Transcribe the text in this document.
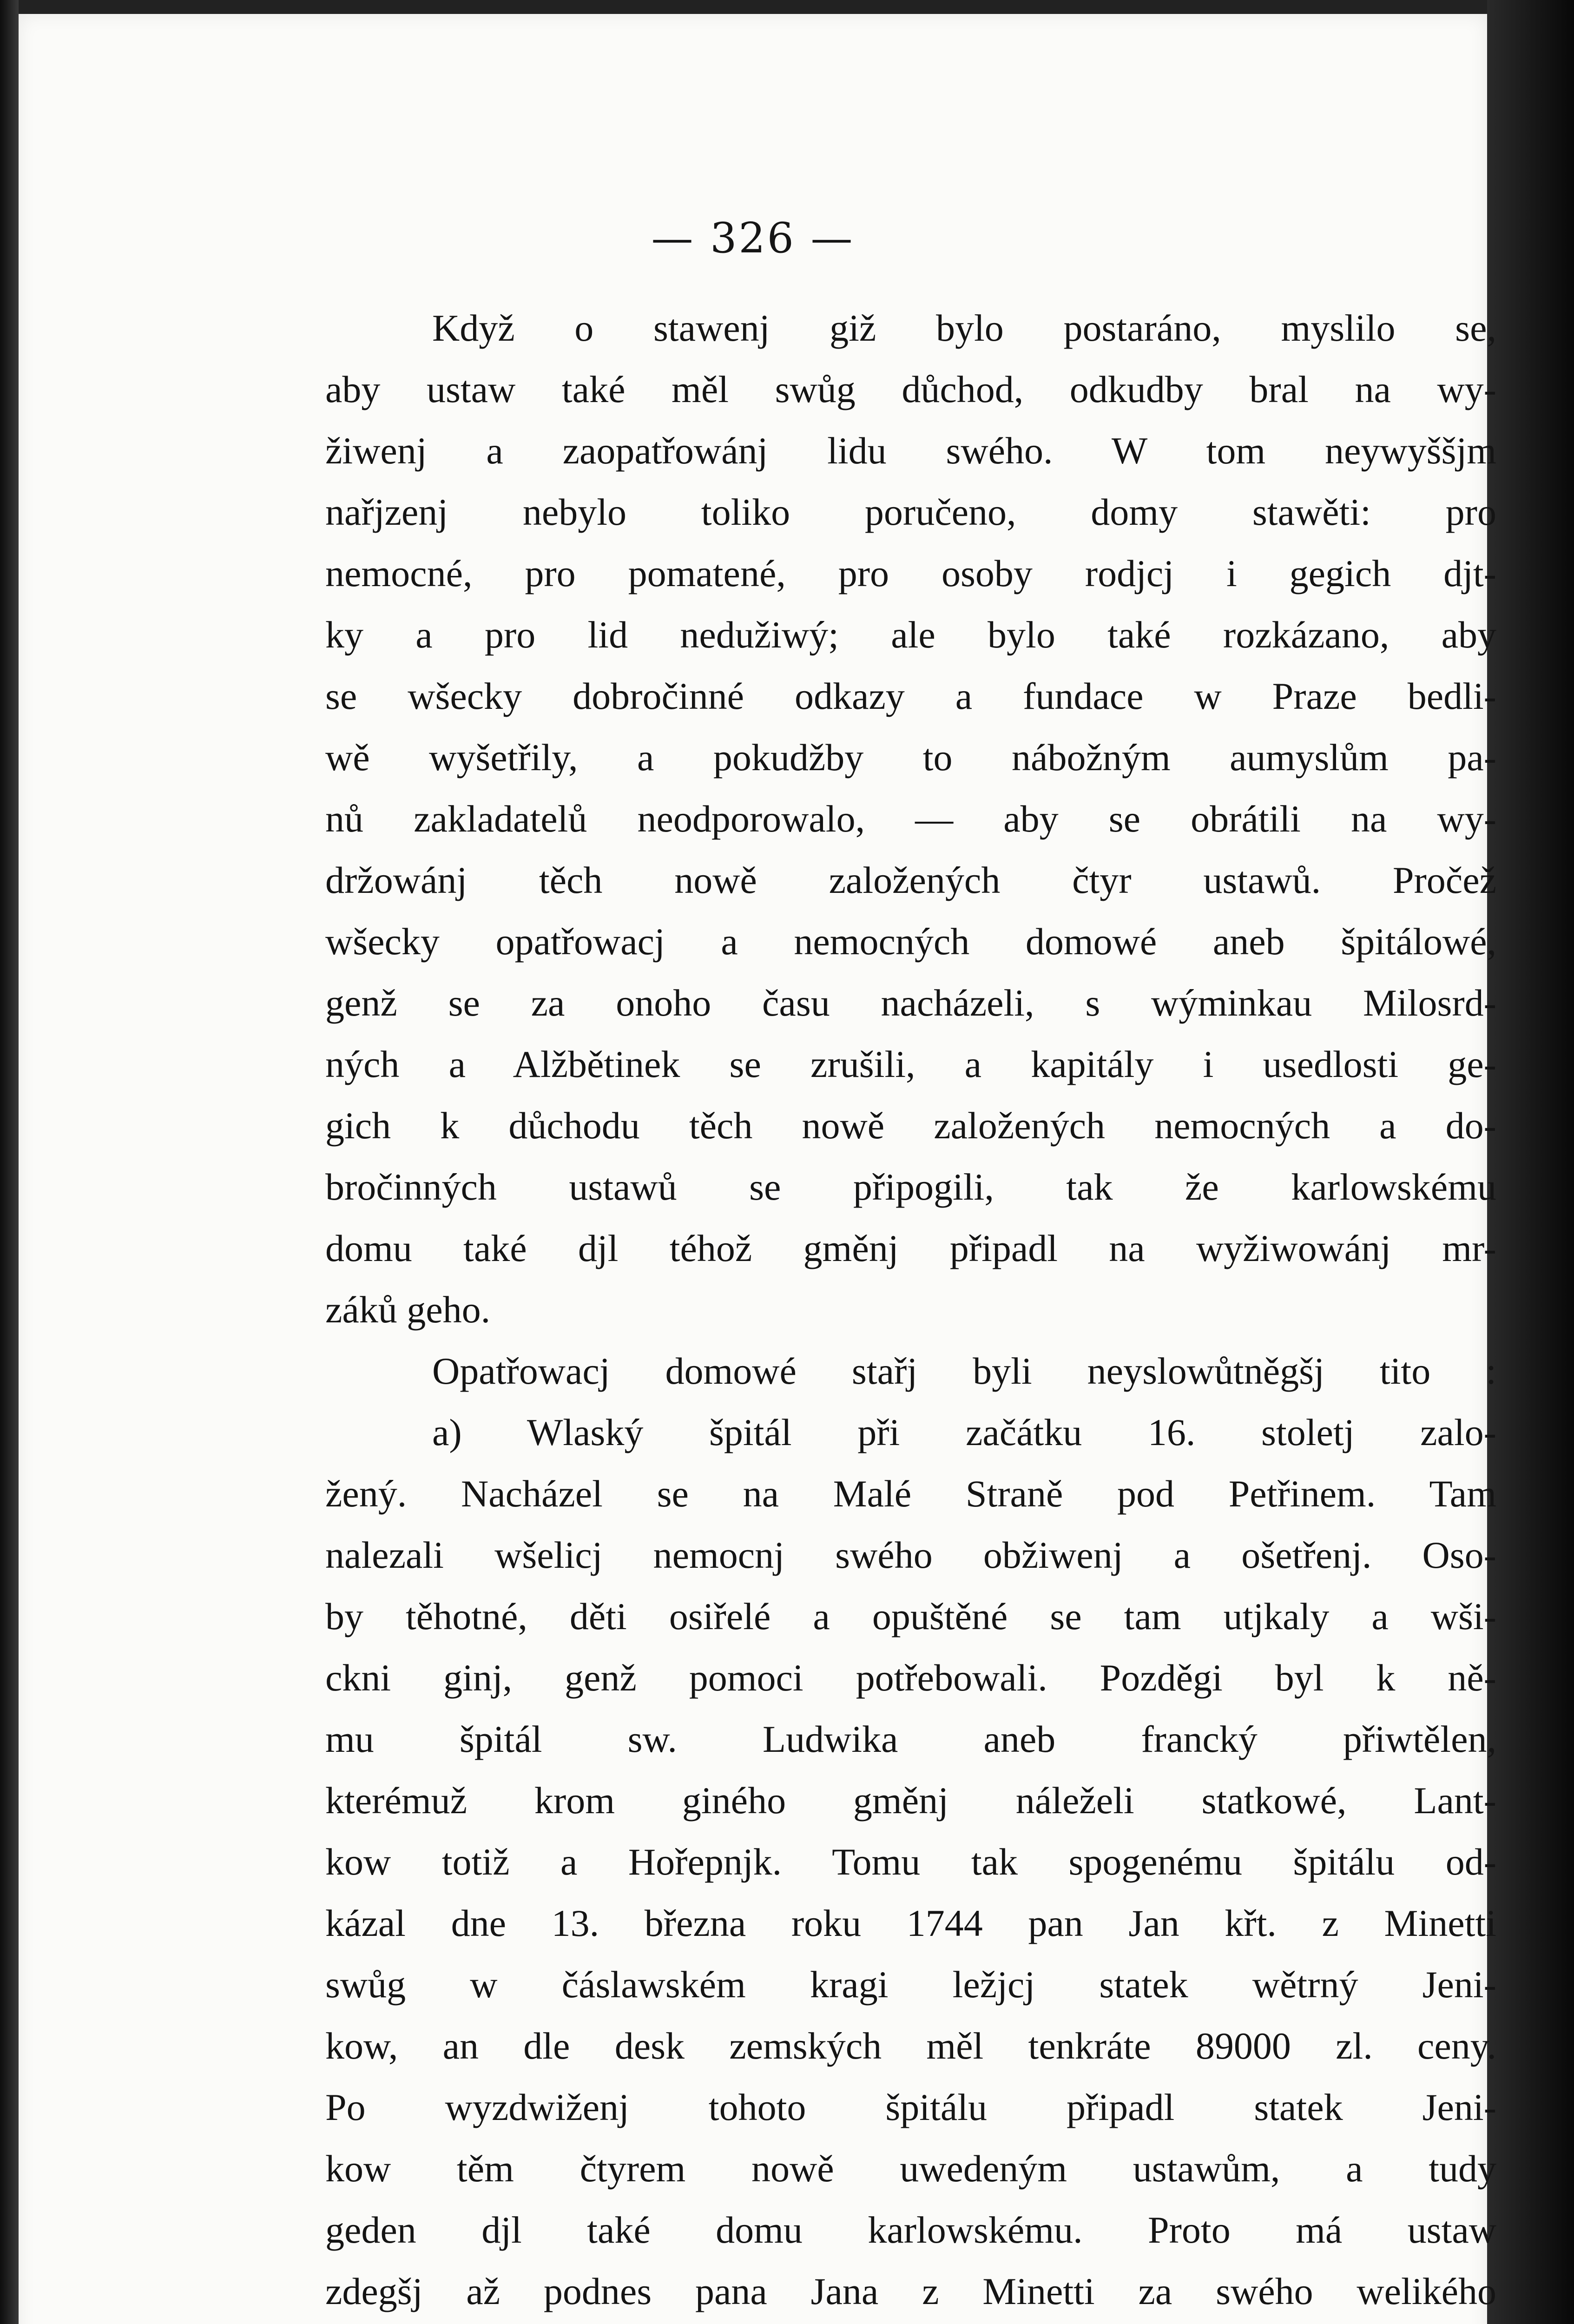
— 326 —
Když o stawenj giž bylo postaráno, myslilo se,
aby ustaw také měl swůg důchod, odkudby bral na wy-
žiwenj a zaopatřowánj lidu swého. W tom neywyššjm
nařjzenj nebylo toliko poručeno, domy stawěti: pro
nemocné, pro pomatené, pro osoby rodjcj i gegich djt-
ky a pro lid nedužiwý; ale bylo také rozkázano, aby
se wšecky dobročinné odkazy a fundace w Praze bedli-
wě wyšetřily, a pokudžby to nábožným aumyslům pa-
nů zakladatelů neodporowalo, — aby se obrátili na wy-
držowánj těch nowě založených čtyr ustawů. Pročež
wšecky opatřowacj a nemocných domowé aneb špitálowé,
genž se za onoho času nacházeli, s wýminkau Milosrd-
ných a Alžbětinek se zrušili, a kapitály i usedlosti ge-
gich k důchodu těch nowě založených nemocných a do-
bročinných ustawů se připogili, tak že karlowskému
domu také djl téhož gměnj připadl na wyžiwowánj mr-
záků geho.
Opatřowacj domowé stařj byli neyslowůtněgšj tito :
a) Wlaský špitál při začátku 16. stoletj zalo-
žený. Nacházel se na Malé Straně pod Petřinem. Tam
nalezali wšelicj nemocnj swého obžiwenj a ošetřenj. Oso-
by těhotné, děti osiřelé a opuštěné se tam utjkaly a wši-
ckni ginj, genž pomoci potřebowali. Pozděgi byl k ně-
mu špitál sw. Ludwika aneb francký přiwtělen,
kterémuž krom giného gměnj náleželi statkowé, Lant-
kow totiž a Hořepnjk. Tomu tak spogenému špitálu od-
kázal dne 13. března roku 1744 pan Jan křt. z Minetti
swůg w čáslawském kragi ležjcj statek wětrný Jeni-
kow, an dle desk zemských měl tenkráte 89000 zl. ceny.
Po wyzdwiženj tohoto špitálu připadl statek Jeni-
kow těm čtyrem nowě uwedeným ustawům, a tudy
geden djl také domu karlowskému. Proto má ustaw
zdegšj až podnes pana Jana z Minetti za swého welikého
